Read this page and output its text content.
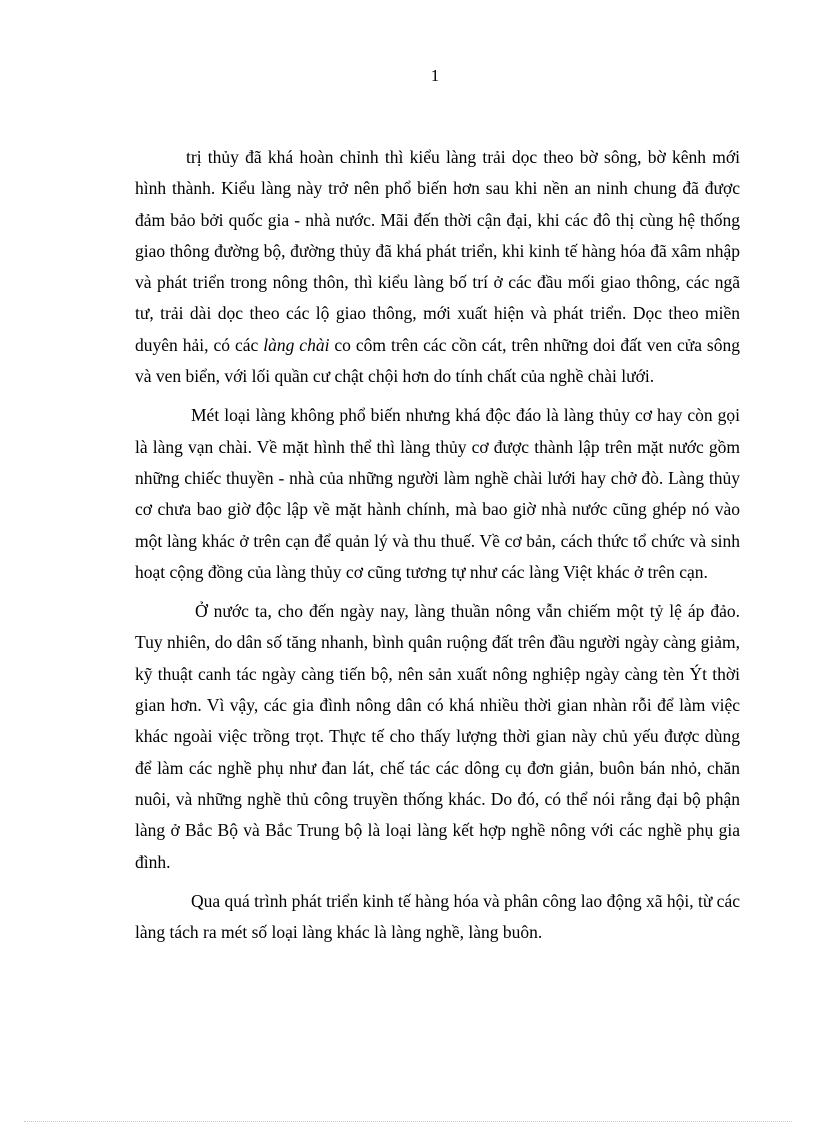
1

trị thủy đã khá hoàn chỉnh thì kiểu làng trải dọc theo bờ sông, bờ kênh mới hình thành. Kiểu làng này trở nên phổ biến hơn sau khi nền an ninh chung đã được đảm bảo bởi quốc gia - nhà nước. Mãi đến thời cận đại, khi các đô thị cùng hệ thống giao thông đường bộ, đường thủy đã khá phát triển, khi kinh tế hàng hóa đã xâm nhập và phát triển trong nông thôn, thì kiểu làng bố trí ở các đầu mối giao thông, các ngã tư, trải dài dọc theo các lộ giao thông, mới xuất hiện và phát triển. Dọc theo miền duyên hải, có các làng chài co côm trên các cồn cát, trên những doi đất ven cửa sông và ven biển, với lối quần cư chật chội hơn do tính chất của nghề chài lưới.

Mét loại làng không phổ biến nhưng khá độc đáo là làng thủy cơ hay còn gọi là làng vạn chài. Về mặt hình thể thì làng thủy cơ được thành lập trên mặt nước gồm những chiếc thuyền - nhà của những người làm nghề chài lưới hay chở đò. Làng thủy cơ chưa bao giờ độc lập về mặt hành chính, mà bao giờ nhà nước cũng ghép nó vào một làng khác ở trên cạn để quản lý và thu thuế. Về cơ bản, cách thức tổ chức và sinh hoạt cộng đồng của làng thủy cơ cũng tương tự như các làng Việt khác ở trên cạn.

Ở nước ta, cho đến ngày nay, làng thuần nông vẫn chiếm một tỷ lệ áp đảo. Tuy nhiên, do dân số tăng nhanh, bình quân ruộng đất trên đầu người ngày càng giảm, kỹ thuật canh tác ngày càng tiến bộ, nên sản xuất nông nghiệp ngày càng tèn Ýt thời gian hơn. Vì vậy, các gia đình nông dân có khá nhiều thời gian nhàn rỗi để làm việc khác ngoài việc trồng trọt. Thực tế cho thấy lượng thời gian này chủ yếu được dùng để làm các nghề phụ như đan lát, chế tác các dông cụ đơn giản, buôn bán nhỏ, chăn nuôi, và những nghề thủ công truyền thống khác. Do đó, có thể nói rằng đại bộ phận làng ở Bắc Bộ và Bắc Trung bộ là loại làng kết hợp nghề nông với các nghề phụ gia đình.

Qua quá trình phát triển kinh tế hàng hóa và phân công lao động xã hội, từ các làng tách ra mét số loại làng khác là làng nghề, làng buôn.
